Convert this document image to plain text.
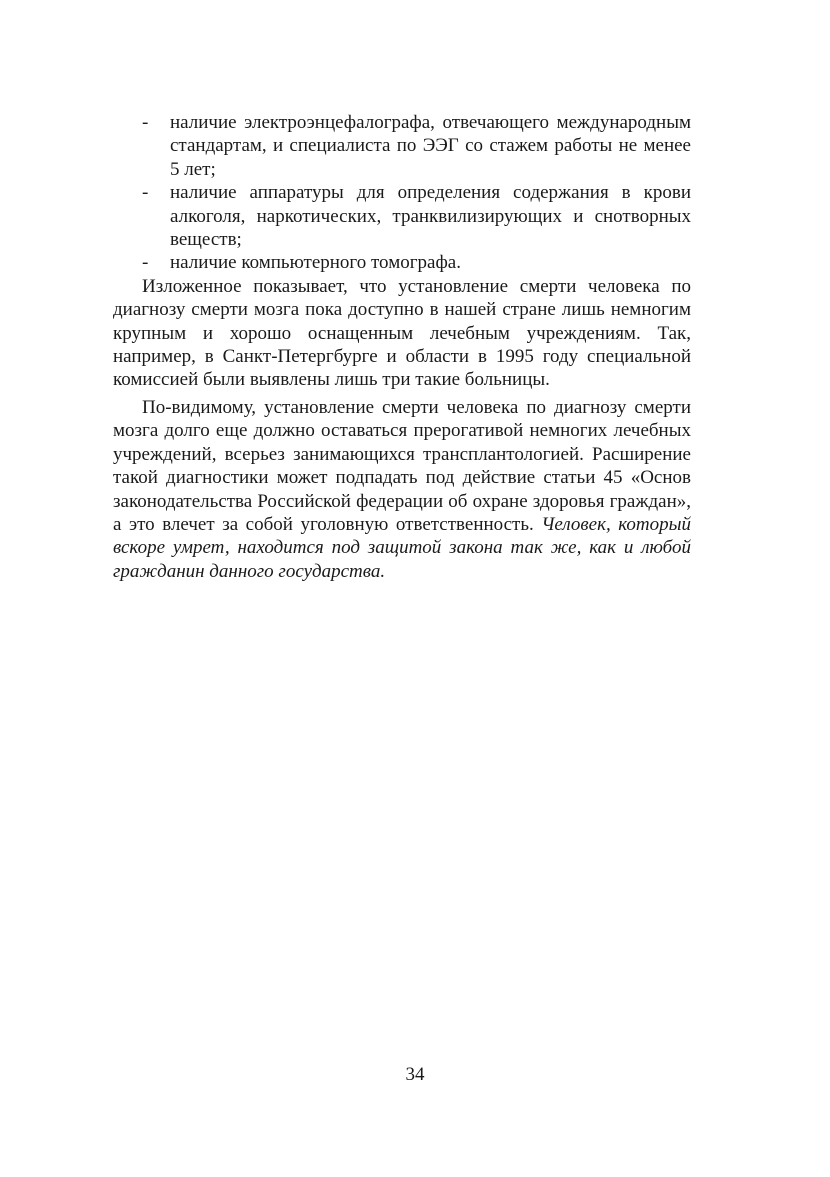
- наличие электроэнцефалографа, отвечающего международным стандартам, и специалиста по ЭЭГ со стажем работы не менее 5 лет;
- наличие аппаратуры для определения содержания в крови алкоголя, наркотических, транквилизирующих и снотворных веществ;
- наличие компьютерного томографа.

Изложенное показывает, что установление смерти человека по диагнозу смерти мозга пока доступно в нашей стране лишь немногим крупным и хорошо оснащенным лечебным учреждениям. Так, например, в Санкт-Петергбурге и области в 1995 году специальной комиссией были выявлены лишь три такие больницы.

По-видимому, установление смерти человека по диагнозу смерти мозга долго еще должно оставаться прерогативой немногих лечебных учреждений, всерьез занимающихся трансплантологией. Расширение такой диагностики может подпадать под действие статьи 45 «Основ законодательства Российской федерации об охране здоровья граждан», а это влечет за собой уголовную ответственность. Человек, который вскоре умрет, находится под защитой закона так же, как и любой гражданин данного государства.

34
